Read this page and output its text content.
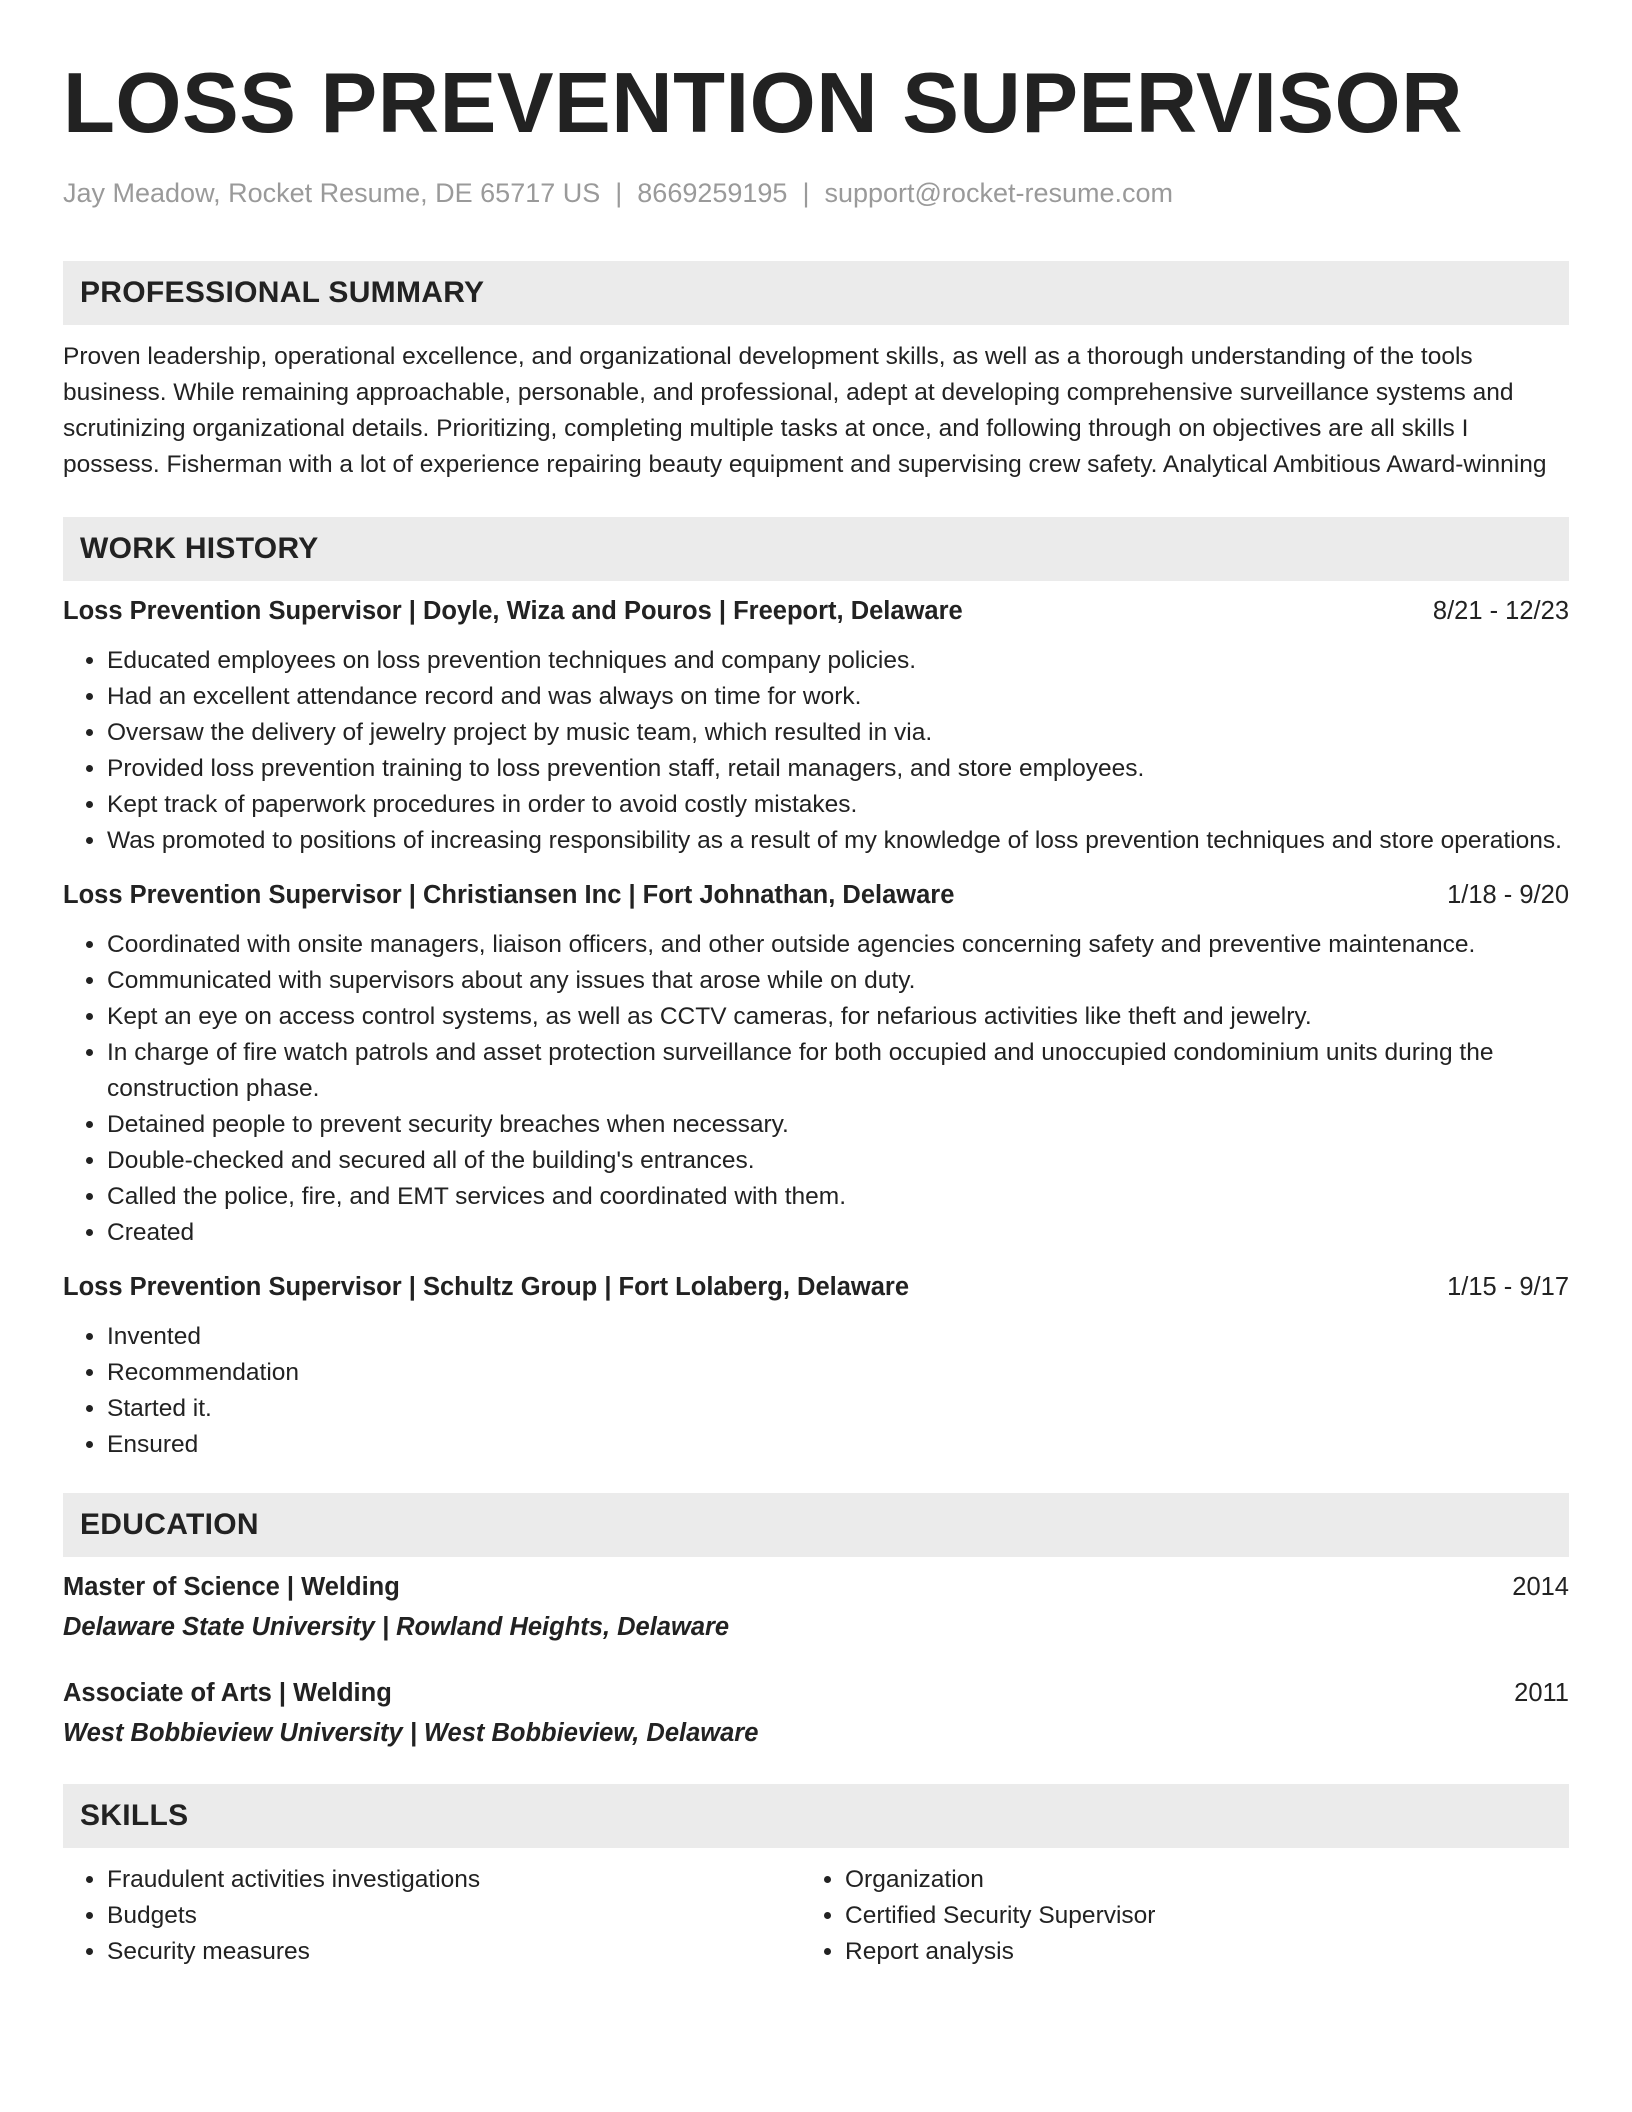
LOSS PREVENTION SUPERVISOR
Jay Meadow, Rocket Resume, DE 65717 US | 8669259195 | support@rocket-resume.com
PROFESSIONAL SUMMARY
Proven leadership, operational excellence, and organizational development skills, as well as a thorough understanding of the tools business. While remaining approachable, personable, and professional, adept at developing comprehensive surveillance systems and scrutinizing organizational details. Prioritizing, completing multiple tasks at once, and following through on objectives are all skills I possess. Fisherman with a lot of experience repairing beauty equipment and supervising crew safety. Analytical Ambitious Award-winning
WORK HISTORY
Loss Prevention Supervisor | Doyle, Wiza and Pouros | Freeport, Delaware	8/21 - 12/23
• Educated employees on loss prevention techniques and company policies.
• Had an excellent attendance record and was always on time for work.
• Oversaw the delivery of jewelry project by music team, which resulted in via.
• Provided loss prevention training to loss prevention staff, retail managers, and store employees.
• Kept track of paperwork procedures in order to avoid costly mistakes.
• Was promoted to positions of increasing responsibility as a result of my knowledge of loss prevention techniques and store operations.
Loss Prevention Supervisor | Christiansen Inc | Fort Johnathan, Delaware	1/18 - 9/20
• Coordinated with onsite managers, liaison officers, and other outside agencies concerning safety and preventive maintenance.
• Communicated with supervisors about any issues that arose while on duty.
• Kept an eye on access control systems, as well as CCTV cameras, for nefarious activities like theft and jewelry.
• In charge of fire watch patrols and asset protection surveillance for both occupied and unoccupied condominium units during the construction phase.
• Detained people to prevent security breaches when necessary.
• Double-checked and secured all of the building's entrances.
• Called the police, fire, and EMT services and coordinated with them.
• Created
Loss Prevention Supervisor | Schultz Group | Fort Lolaberg, Delaware	1/15 - 9/17
• Invented
• Recommendation
• Started it.
• Ensured
EDUCATION
Master of Science | Welding	2014
Delaware State University | Rowland Heights, Delaware
Associate of Arts | Welding	2011
West Bobbieview University | West Bobbieview, Delaware
SKILLS
• Fraudulent activities investigations
• Budgets
• Security measures
• Organization
• Certified Security Supervisor
• Report analysis
